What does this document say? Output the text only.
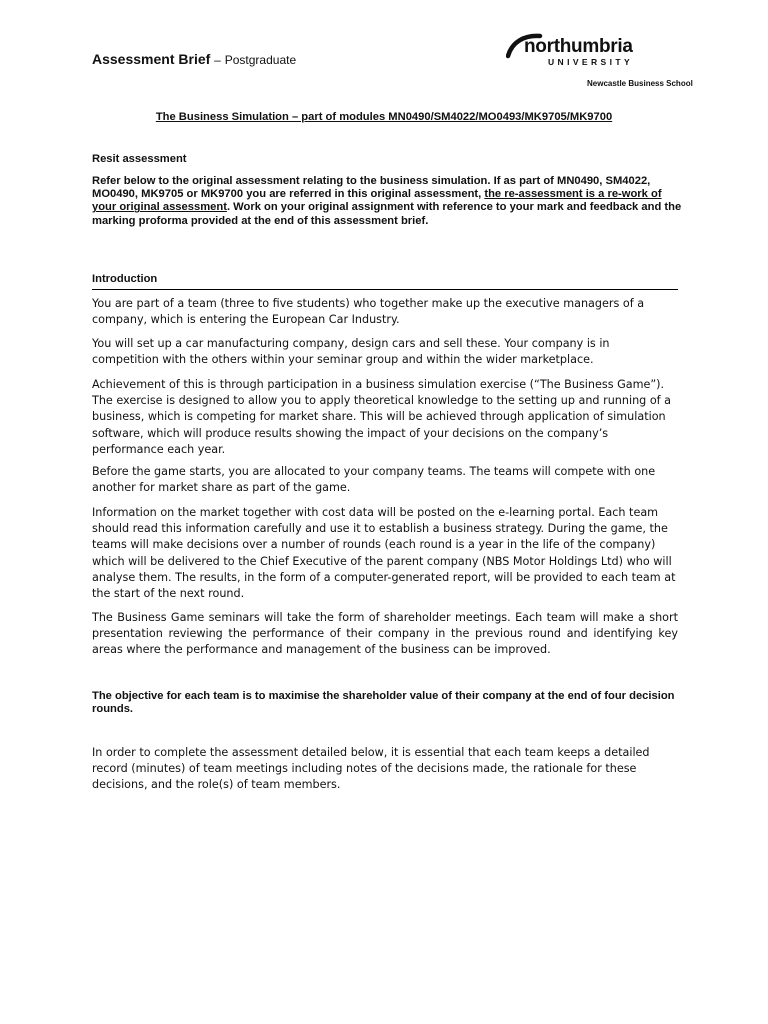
Assessment Brief – Postgraduate
northumbria
UNIVERSITY
Newcastle Business School
The Business Simulation – part of modules MN0490/SM4022/MO0493/MK9705/MK9700
Resit assessment
Refer below to the original assessment relating to the business simulation. If as part of MN0490, SM4022, MO0490, MK9705 or MK9700 you are referred in this original assessment, the re-assessment is a re-work of your original assessment. Work on your original assignment with reference to your mark and feedback and the marking proforma provided at the end of this assessment brief.
Introduction

You are part of a team (three to five students) who together make up the executive managers of a company, which is entering the European Car Industry.

You will set up a car manufacturing company, design cars and sell these. Your company is in competition with the others within your seminar group and within the wider marketplace.

Achievement of this is through participation in a business simulation exercise (“The Business Game”). The exercise is designed to allow you to apply theoretical knowledge to the setting up and running of a business, which is competing for market share. This will be achieved through application of simulation software, which will produce results showing the impact of your decisions on the company’s performance each year.

Before the game starts, you are allocated to your company teams. The teams will compete with one another for market share as part of the game.

Information on the market together with cost data will be posted on the e-learning portal. Each team should read this information carefully and use it to establish a business strategy. During the game, the teams will make decisions over a number of rounds (each round is a year in the life of the company) which will be delivered to the Chief Executive of the parent company (NBS Motor Holdings Ltd) who will analyse them. The results, in the form of a computer-generated report, will be provided to each team at the start of the next round.

The Business Game seminars will take the form of shareholder meetings. Each team will make a short presentation reviewing the performance of their company in the previous round and identifying key areas where the performance and management of the business can be improved.

The objective for each team is to maximise the shareholder value of their company at the end of four decision rounds.

In order to complete the assessment detailed below, it is essential that each team keeps a detailed record (minutes) of team meetings including notes of the decisions made, the rationale for these decisions, and the role(s) of team members.
